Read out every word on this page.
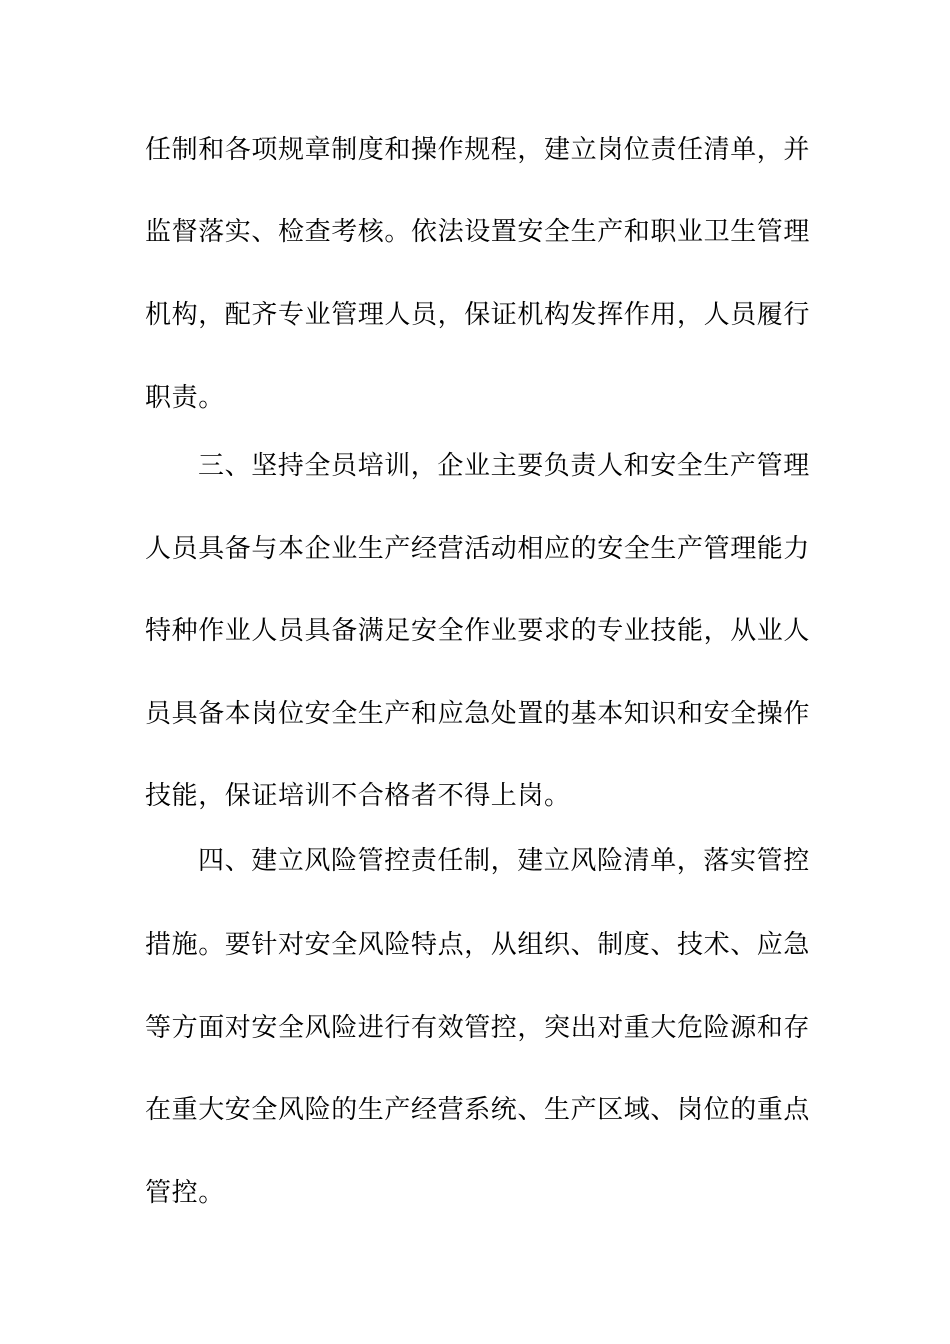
任制和各项规章制度和操作规程，建立岗位责任清单，并
监督落实、检查考核。依法设置安全生产和职业卫生管理
机构，配齐专业管理人员，保证机构发挥作用，人员履行
职责。
三、坚持全员培训，企业主要负责人和安全生产管理
人员具备与本企业生产经营活动相应的安全生产管理能力
特种作业人员具备满足安全作业要求的专业技能，从业人
员具备本岗位安全生产和应急处置的基本知识和安全操作
技能，保证培训不合格者不得上岗。
四、建立风险管控责任制，建立风险清单，落实管控
措施。要针对安全风险特点，从组织、制度、技术、应急
等方面对安全风险进行有效管控，突出对重大危险源和存
在重大安全风险的生产经营系统、生产区域、岗位的重点
管控。
